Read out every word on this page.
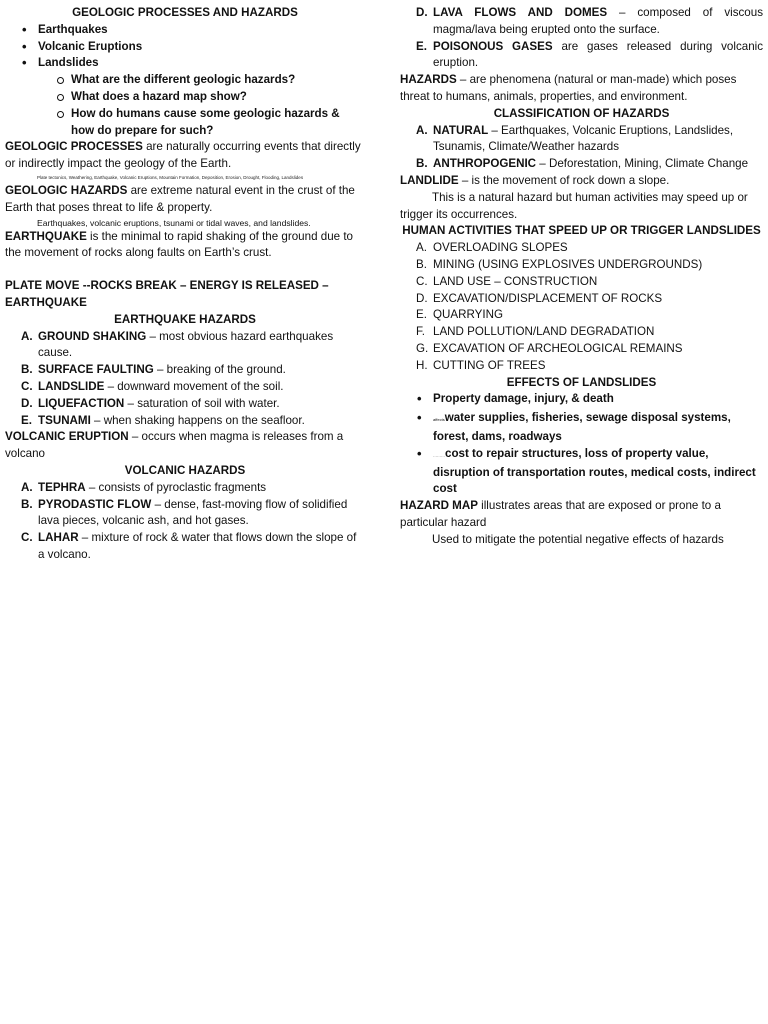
GEOLOGIC PROCESSES AND HAZARDS

• Earthquakes
• Volcanic Eruptions
• Landslides
What are the different geologic hazards?
What does a hazard map show?
How do humans cause some geologic hazards & how do prepare for such?

GEOLOGIC PROCESSES are naturally occurring events that directly or indirectly impact the geology of the Earth.

Plate tectonics, Weathering, Earthquake, Volcanic Eruptions, Mountain Formation, Deposition, Erosion, Drought, Flooding, Landslides

GEOLOGIC HAZARDS are extreme natural event in the crust of the Earth that poses threat to life & property.

Earthquakes, volcanic eruptions, tsunami or tidal waves, and landslides.

EARTHQUAKE is the minimal to rapid shaking of the ground due to the movement of rocks along faults on Earth’s crust.

PLATE MOVE --ROCKS BREAK – ENERGY IS RELEASED – EARTHQUAKE

EARTHQUAKE HAZARDS

A. GROUND SHAKING – most obvious hazard earthquakes cause.
B. SURFACE FAULTING – breaking of the ground.
C. LANDSLIDE – downward movement of the soil.
D. LIQUEFACTION – saturation of soil with water.
E. TSUNAMI – when shaking happens on the seafloor.

VOLCANIC ERUPTION – occurs when magma is releases from a volcano

VOLCANIC HAZARDS

A. TEPHRA – consists of pyroclastic fragments
B. PYRODASTIC FLOW – dense, fast-moving flow of solidified lava pieces, volcanic ash, and hot gases.
C. LAHAR – mixture of rock & water that flows down the slope of a volcano.
D. LAVA FLOWS AND DOMES – composed of viscous magma/lava being erupted onto the surface.
E. POISONOUS GASES are gases released during volcanic eruption.

HAZARDS – are phenomena (natural or man-made) which poses threat to humans, animals, properties, and environment.

CLASSIFICATION OF HAZARDS

A. NATURAL – Earthquakes, Volcanic Eruptions, Landslides, Tsunamis, Climate/Weather hazards
B. ANTHROPOGENIC – Deforestation, Mining, Climate Change

LANDLIDE – is the movement of rock down a slope.

This is a natural hazard but human activities may speed up or trigger its occurrences.

HUMAN ACTIVITIES THAT SPEED UP OR TRIGGER LANDSLIDES

A. OVERLOADING SLOPES
B. MINING (USING EXPLOSIVES UNDERGROUNDS)
C. LAND USE – CONSTRUCTION
D. EXCAVATION/DISPLACEMENT OF ROCKS
E. QUARRYING
F. LAND POLLUTION/LAND DEGRADATION
G. EXCAVATION OF ARCHEOLOGICAL REMAINS
H. CUTTING OF TREES

EFFECTS OF LANDSLIDES

• Property damage, injury, & death
• affectswater supplies, fisheries, sewage disposal systems, forest, dams, roadways
• ………cost to repair structures, loss of property value, disruption of transportation routes, medical costs, indirect cost

HAZARD MAP illustrates areas that are exposed or prone to a particular hazard

Used to mitigate the potential negative effects of hazards
